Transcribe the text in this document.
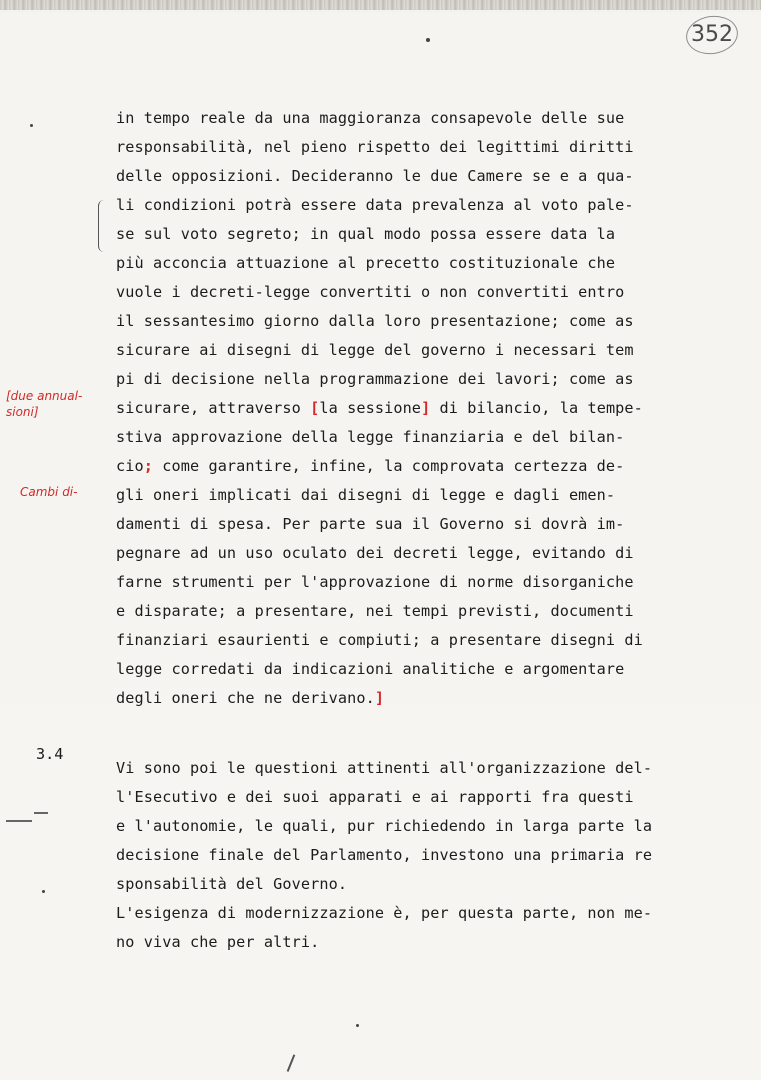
352
[due annual-
sioni]
Cambi di-
in tempo reale da una maggioranza consapevole delle sue
responsabilità, nel pieno rispetto dei legittimi diritti
delle opposizioni. Decideranno le due Camere se e a qua-
li condizioni potrà essere data prevalenza al voto pale-
se sul voto segreto; in qual modo possa essere data la
più acconcia attuazione al precetto costituzionale che
vuole i decreti-legge convertiti o non convertiti entro
il sessantesimo giorno dalla loro presentazione; come as
sicurare ai disegni di legge del governo i necessari tem
pi di decisione nella programmazione dei lavori; come as
sicurare, attraverso [la sessione] di bilancio, la tempe-
stiva approvazione della legge finanziaria e del bilan-
cio; come garantire, infine, la comprovata certezza de-
gli oneri implicati dai disegni di legge e dagli emen-
damenti di spesa. Per parte sua il Governo si dovrà im-
pegnare ad un uso oculato dei decreti legge, evitando di
farne strumenti per l'approvazione di norme disorganiche
e disparate; a presentare, nei tempi previsti, documenti
finanziari esaurienti e compiuti; a presentare disegni di
legge corredati da indicazioni analitiche e argomentare
degli oneri che ne derivano.]
Vi sono poi le questioni attinenti all'organizzazione del-
l'Esecutivo e dei suoi apparati e ai rapporti fra questi
e l'autonomie, le quali, pur richiedendo in larga parte la
decisione finale del Parlamento, investono una primaria re
sponsabilità del Governo.
L'esigenza di modernizzazione è, per questa parte, non me-
no viva che per altri.
3.4
